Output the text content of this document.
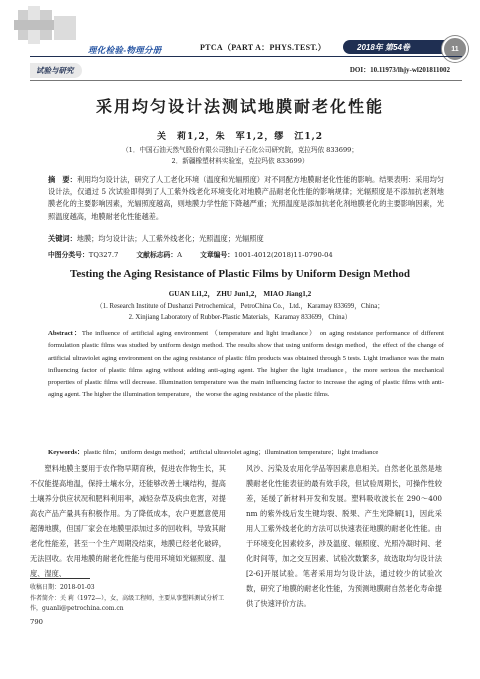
理化检验-物理分册	PTCA（PART A：PHYS.TEST.）	2018年 第54卷	11
试验与研究	DOI：10.11973/lhjy-wl201811002
采用均匀设计法测试地膜耐老化性能
关　莉1,2，朱　军1,2，缪　江1,2
（1．中国石油天然气股份有限公司独山子石化公司研究院，克拉玛依 833699；
2．新疆橡塑材料实验室，克拉玛依 833699）
摘　要：利用均匀设计法，研究了人工老化环境（温度和光辐照度）对不同配方地膜耐老化性能的影响。结果表明：采用均匀设计法，仅通过 5 次试验即得到了人工紫外线老化环境变化对地膜产品耐老化性能的影响规律；光辐照度是不添加抗老剂地膜老化的主要影响因素，光辐照度越高，则地膜力学性能下降越严重；光照温度是添加抗老化剂地膜老化的主要影响因素，光照温度越高，地膜耐老化性能越差。
关键词：地膜；均匀设计法；人工紫外线老化；光照温度；光辐照度
中图分类号：TQ327.7	文献标志码：A	文章编号：1001-4012(2018)11-0790-04
Testing the Aging Resistance of Plastic Films by Uniform Design Method
GUAN Li1,2， ZHU Jun1,2， MIAO Jiang1,2
（1. Research Institute of Dushanzi Petrochemical，PetroChina Co.，Ltd.，Karamay 833699，China；
2. Xinjiang Laboratory of Rubber-Plastic Materials，Karamay 833699，China）
Abstract：The influence of artificial aging environment （temperature and light irradiance） on aging resistance performance of different formulation plastic films was studied by uniform design method. The results show that using uniform design method，the effect of the change of artificial ultraviolet aging environment on the aging resistance of plastic film products was obtained through 5 tests. Light irradiance was the main influencing factor of plastic films aging without adding anti-aging agent. The higher the light irradiance，the more serious the mechanical properties of plastic films will decrease. Illumination temperature was the main influencing factor to increase the aging of plastic films with anti-aging agent. The higher the illumination temperature，the worse the aging resistance of the plastic films.
Keywords：plastic film；uniform design method；artificial ultraviolet aging；illumination temperature；light irradiance
　　塑料地膜主要用于农作物早期育秧，促进农作物生长，其不仅能提高地温，保持土壤水分，还能够改善土壤结构，提高土壤养分供应状况和肥料利用率，减轻杂草及病虫危害，对提高农产品产量具有积极作用。为了降低成本，农户更愿意使用超薄地膜，但国厂家会在地膜里添加过多的回收料，导致其耐老化性能差，甚至一个生产周期没结束，地膜已经老化破碎，无法回收。农用地膜的耐老化性能与使用环境如光辐照度、温度、湿度、
风沙、污染及农用化学品等因素息息相关。自然老化虽然是地膜耐老化性能表征的最有效手段，但试验周期长，可操作性较差，延缓了新材料开发和发展。塑料吸收波长在 290～400 nm 的紫外线后发生键均裂、脱果、产生光降解[1]，因此采用人工紫外线老化的方法可以快速表征地膜的耐老化性能。由于环境变化因素较多，涉及温度、辐照度、光照冷凝时间、老化时间等，加之交互因素、试验次数繁多，故选取均匀设计法[2-6]开展试验。笔者采用均匀设计法，通过较少的试验次数，研究了地膜的耐老化性能，为预测地膜耐自然老化寿命提供了快速评价方法。
收稿日期：2018-01-03
作者简介：关 莉（1972—），女，高级工程师，主要从事塑料测试分析工作，guanli@petrochina.com.cn
790
